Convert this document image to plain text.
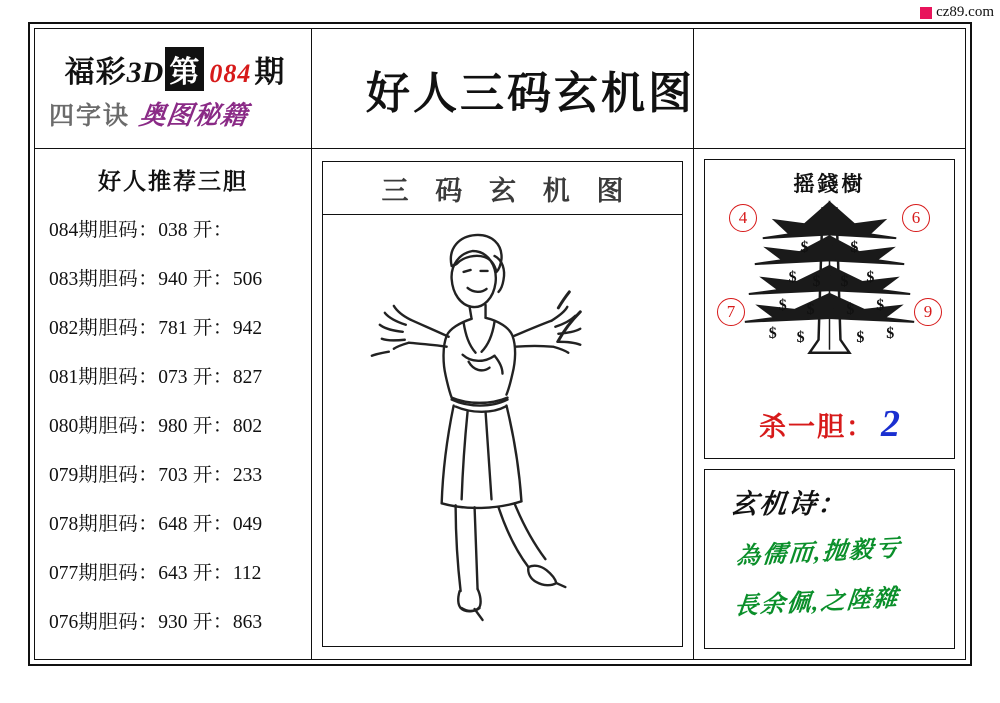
cz89.com
福彩3D 第 084 期
四字诀 奥图秘籍
好人推荐三胆
084期胆码：038 开：
083期胆码：940 开：506
082期胆码：781 开：942
081期胆码：073 开：827
080期胆码：980 开：802
079期胆码：703 开：233
078期胆码：648 开：049
077期胆码：643 开：112
076期胆码：930 开：863
好人三码玄机图
三 码 玄 机 图	摇錢樹
4	6
7	9
$	$
$ $ $ $
$ $ $ $
$ $	$ $
杀一胆： 2
玄机诗：
為儒而,抛毅亏
長余佩,之陸雜
